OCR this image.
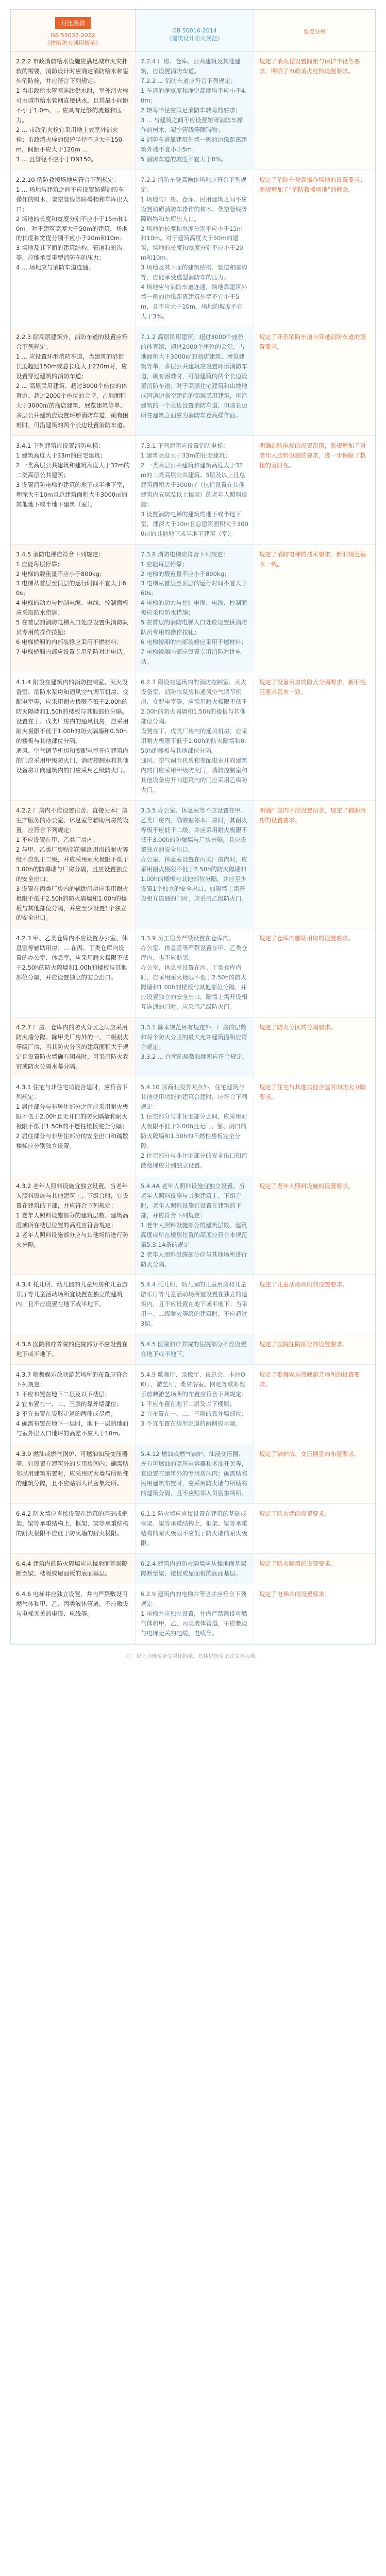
对比条款
GB 55037-2022
《建筑防火通用规范》
GB 50016-2014
《建筑设计防火规范》
要点分析
2.2.2 市政消防给水设施应满足城市火灾扑救的需要，消防设计时应确定消防给水和室外消防栓，并应符合下列规定：
1 当市政给水管网连续供水时，室外消火栓可由城市给水管网直接供水，且其最小间距不小于1.0m、... 应具有足够的流量和压力。
2 ... 市政消火栓宜采用地上式室外消火栓；市政消火栓的保护半径不应大于150m，间距不应大于120m ...
3 ... 且管径不应小于DN150。
7.2.4 厂房、仓库、公共建筑及其他建筑，应设置消防车道。
7.2.2 ... 消防车道应符合下列规定：
1 车道的净宽度和净空高度均不应小于4.0m；
2 转弯半径应满足消防车转弯的要求；
3 ... 与建筑之间不应设置妨碍消防车操作的树木、架空管线等障碍物；
4 消防车道靠建筑外墙一侧的边缘距离建筑外墙不宜小于5m；
5 消防车道的坡度不宜大于8%。
规定了消火栓设置间距与保护半径等要求，明确了市政消火栓的设置要求。
2.2.10 消防救援场地应符合下列规定：
1 ... 场地与建筑之间不应设置妨碍消防车操作的树木、架空管线等障碍物和车库出入口；
2 场地的长度和宽度分别不应小于15m和10m。对于建筑高度大于50m的建筑，场地的长度和宽度分别不应小于20m和10m；
3 场地及其下面的建筑结构、管道和暗沟等，应能承受重型消防车的压力；
4 ... 场地应与消防车道连通。
7.2.2 消防车登高操作场地应符合下列规定：
1 场地与厂房、仓库、民用建筑之间不应设置妨碍消防车操作的树木、架空管线等障碍物和车库出入口。
2 场地的长度和宽度分别不应小于15m和10m。对于建筑高度大于50m的建筑，场地的长度和宽度分别不应小于20m和10m。
3 场地及其下面的建筑结构、管道和暗沟等，应能承受重型消防车的压力。
4 场地应与消防车道连通，场地靠建筑外墙一侧的边缘距离建筑外墙不宜小于5m，且不应大于10m，场地的坡度不宜大于3%。
规定了消防车登高操作场地的设置要求；新规增加了“消防救援场地”的概念。
2.2.3 除高层建筑外，消防车道的设置应符合下列规定：
1 ... 应设置环形消防车道，当建筑的沿街长度超过150m或总长度大于220m时，应设置穿过建筑的消防车道；
2 ... 高层民用建筑、超过3000个座位的体育馆、超过2000个座位的会堂，占地面积大于3000㎡的商店建筑、展览建筑等单、多层公共建筑应设置环形消防车道，确有困难时，可沿建筑的两个长边设置消防车道。
7.1.2 高层民用建筑，超过3000个座位的体育馆，超过2000个座位的会堂，占地面积大于3000㎡的商店建筑、展览建筑等单、多层公共建筑应设置环形消防车道，确有困难时，可沿建筑的两个长边设置消防车道；对于高层住宅建筑和山坡地或河道边临空建造的高层民用建筑，可沿建筑的一个长边设置消防车道，但该长边所在建筑立面应为消防车登高操作面。
规定了环形消防车道与穿越消防车道的设置要求。
3.4.1 下列建筑应设置消防电梯：
1 建筑高度大于33m的住宅建筑；
2 一类高层公共建筑和建筑高度大于32m的二类高层公共建筑；
3 设置消防电梯的建筑的地下或半地下室，埋深大于10m且总建筑面积大于3000㎡的其他地下或半地下建筑（室）。
7.3.1 下列建筑应设置消防电梯：
1 建筑高度大于33m的住宅建筑；
2 一类高层公共建筑和建筑高度大于32m的二类高层公共建筑、5层及以上且总建筑面积大于3000㎡（包括设置在其他建筑内五层及以上楼层）的老年人照料设施；
3 设置消防电梯的建筑的地下或半地下室，埋深大于10m且总建筑面积大于3000㎡的其他地下或半地下建筑（室）。
明确消防电梯的设置范围，新规增加了对老年人照料设施的要求，进一步保障了救援的及时性。
3.4.5 消防电梯应符合下列规定：
1 应能每层停靠；
2 电梯的载重量不应小于800kg；
3 电梯从首层至顶层的运行时间不宜大于60s；
4 电梯的动力与控制电缆、电线、控制面板应采取防水措施；
5 在首层的消防电梯入口处应设置供消防队员专用的操作按钮；
6 电梯轿厢的内部装修应采用不燃材料；
7 电梯轿厢内部应设置专用消防对讲电话。
7.3.8 消防电梯应符合下列规定：
1 应能每层停靠；
2 电梯的载重量不应小于800kg；
3 电梯从首层至顶层的运行时间不宜大于60s；
4 电梯的动力与控制电缆、电线、控制面板应采取防水措施；
5 在首层的消防电梯入口处应设置供消防队员专用的操作按钮；
6 电梯轿厢的内部装修应采用不燃材料；
7 电梯轿厢内部应设置专用消防对讲电话。
规定了消防电梯的技术要求，新旧规范基本一致。
4.1.4 附设在建筑内的消防控制室、灭火设备室、消防水泵房和通风空气调节机房、变配电室等，应采用耐火极限不低于2.00h的防火隔墙和1.50h的楼板与其他部位分隔。
设置在丁、戊类厂房内的通风机房，应采用耐火极限不低于1.00h的防火隔墙和0.50h的楼板与其他部位分隔。
通风、空气调节机房和变配电室开向建筑内的门应采用甲级防火门，消防控制室和其他设备房开向建筑内的门应采用乙级防火门。
6.2.7 附设在建筑内的消防控制室、灭火设备室、消防水泵房和通风空气调节机房、变配电室等，应采用耐火极限不低于2.00h的防火隔墙和1.50h的楼板与其他部位分隔。
设置在丁、戊类厂房内的通风机房，应采用耐火极限不低于1.00h的防火隔墙和0.50h的楼板与其他部位分隔。
通风、空气调节机房和变配电室开向建筑内的门应采用甲级防火门，消防控制室和其他设备房开向建筑内的门应采用乙级防火门。
规定了设备用房的防火分隔要求，新旧规范要求基本一致。
4.2.2 厂房内不应设置宿舍。直接为本厂房生产服务的办公室、休息室等辅助用房的设置，应符合下列规定：
1 不应设置在甲、乙类厂房内；
2 与甲、乙类厂房贴邻的辅助用房的耐火等级不应低于二级，并应采用耐火极限不低于3.00h的防爆墙与厂房分隔，且应设置独立的安全出口；
3 设置在丙类厂房内的辅助用房应采用耐火极限不低于2.50h的防火隔墙和1.00h的楼板与其他部位分隔，并应至少设置1个独立的安全出口。
3.3.5 办公室、休息室等不应设置在甲、乙类厂房内，确需贴邻本厂房时，其耐火等级不应低于二级，并应采用耐火极限不低于3.00h的防爆墙与厂房分隔，且应设置独立的安全出口。
办公室、休息室设置在丙类厂房内时，应采用耐火极限不低于2.50h的防火隔墙和1.00h的楼板与其他部位分隔，并应至少设置1个独立的安全出口。如隔墙上需开设相互连通的门时，应采用乙级防火门。
明确厂房内不应设置宿舍，规定了辅助用房的设置要求。
4.2.3 甲、乙类仓库内不应设置办公室、休息室等辅助用房；... 在丙、丁类仓库内设置的办公室、休息室，应采用耐火极限不低于2.50h的防火隔墙和1.00h的楼板与其他部位分隔，并应设置独立的安全出口。
3.3.9 员工宿舍严禁设置在仓库内。
办公室、休息室等严禁设置在甲、乙类仓库内，也不应贴邻。
办公室、休息室设置在丙、丁类仓库内时，应采用耐火极限不低于2.50h的防火隔墙和1.00h的楼板与其他部位分隔，并应设置独立的安全出口。隔墙上需开设相互连通的门时，应采用乙级防火门。
规定了仓库内辅助用房的设置要求。
4.2.7 厂房、仓库内的防火分区之间应采用防火墙分隔。除甲类厂房外的一、二级耐火等级厂房，当其防火分区的建筑面积大于规定且设置防火墙确有困难时，可采用防火卷帘或防火分隔水幕分隔。
3.3.1 除本规范另有规定外，厂房的层数和每个防火分区的最大允许建筑面积应符合规定。
3.3.2 ... 仓库的层数和面积应符合规定。
规定了防火分区的分隔要求。
4.3.1 住宅与非住宅功能合建时，应符合下列规定：
1 居住部分与非居住部分之间应采用耐火极限不低于2.00h且无开口的防火隔墙和耐火极限不低于1.50h的不燃性楼板完全分隔；
2 居住部分与非居住部分的安全出口和疏散楼梯应分别独立设置。
5.4.10 除商业服务网点外，住宅建筑与其他使用功能的建筑合建时，应符合下列规定：
1 住宅部分与非住宅部分之间，应采用耐火极限不低于2.00h且无门、窗、洞口的防火隔墙和1.50h的不燃性楼板完全分隔；
2 住宅部分与非住宅部分的安全出口和疏散楼梯应分别独立设置。
规定了住宅与其他功能合建时的防火分隔要求。
4.3.2 老年人照料设施宜独立设置。当老年人照料设施与其他建筑上、下组合时，宜设置在建筑的下部，并应符合下列规定：
1 老年人照料设施部分的建筑层数、建筑高度或所在楼层位置的高度应符合规定；
2 老年人照料设施部分应与其他场所进行防火分隔。
5.4.4A 老年人照料设施宜独立设置。当老年人照料设施与其他建筑上、下组合时，老年人照料设施宜设置在建筑的下部，并应符合下列规定：
1 老年人照料设施部分的建筑层数、建筑高度或所在楼层位置的高度应符合本规范第5.3.1A条的规定；
2 老年人照料设施部分应与其他场所进行防火分隔。
规定了老年人照料设施的设置要求。
4.3.4 托儿所、幼儿园的儿童用房和儿童游乐厅等儿童活动场所宜设置在独立的建筑内，且不应设置在地下或半地下。
5.4.4 托儿所、幼儿园的儿童用房和儿童游乐厅等儿童活动场所宜设置在独立的建筑内，且不应设置在地下或半地下；当采用一、二级耐火等级的建筑时，不应超过3层。
规定了儿童活动场所的设置要求。
4.3.6 医院和疗养院的住院部分不应设置在地下或半地下。
5.4.5 医院和疗养院的住院部分不应设置在地下或半地下。
规定了医院住院部分的设置要求。
4.3.7 歌舞娱乐放映游艺场所的布置应符合下列规定：
1 不应布置在地下二层及以下楼层；
2 宜布置在一、二、三层的靠外墙部位；
3 不宜布置在袋形走道的两侧或尽端；
4 确需布置在地下一层时，地下一层的地面与室外出入口地坪的高差不应大于10m。
5.4.9 歌舞厅、录像厅、夜总会、卡拉OK厅、游艺厅、桑拿浴室、网吧等歌舞娱乐放映游艺场所的布置应符合下列规定：
1 不应布置在地下二层及以下楼层；
2 宜布置在一、二、三层的靠外墙部位；
3 不宜布置在袋形走道的两侧或尽端。
规定了歌舞娱乐放映游艺场所的设置要求。
4.3.9 燃油或燃气锅炉、可燃油油浸变压器等，宜设置在建筑外的专用房间内；确需贴邻民用建筑布置时，应采用防火墙与所贴邻的建筑分隔，且不应贴邻人员密集场所。
5.4.12 燃油或燃气锅炉、油浸变压器、充有可燃油的高压电容器和多油开关等，宜设置在建筑外的专用房间内；确需贴邻民用建筑布置时，应采用防火墙与所贴邻的建筑分隔，且不应贴邻人员密集场所。
规定了锅炉房、变压器室的布置要求。
6.4.2 防火墙应直接设置在建筑的基础或框架、梁等承重结构上，框架、梁等承重结构的耐火极限不应低于防火墙的耐火极限。
6.1.1 防火墙应直接设置在建筑的基础或框架、梁等承重结构上，框架、梁等承重结构的耐火极限不应低于防火墙的耐火极限。
规定了防火墙的设置要求。
6.4.4 建筑内的防火隔墙应从楼地面基层隔断至梁、楼板或屋面板的底面基层。
6.2.4 建筑内的防火隔墙应从楼地面基层隔断至梁、楼板或屋面板的底面基层。
规定了防火隔墙的设置要求。
6.4.6 电梯井应独立设置，井内严禁敷设可燃气体和甲、乙、丙类液体管道，不应敷设与电梯无关的电缆、电线等。
6.2.9 建筑内的电梯井等竖井应符合下列规定：
1 电梯井应独立设置，井内严禁敷设可燃气体和甲、乙、丙类液体管道，不应敷设与电梯无关的电缆、电线等。
规定了电梯井的设置要求。
注：以上为规范条文对比摘录，具体以规范正式文本为准。
